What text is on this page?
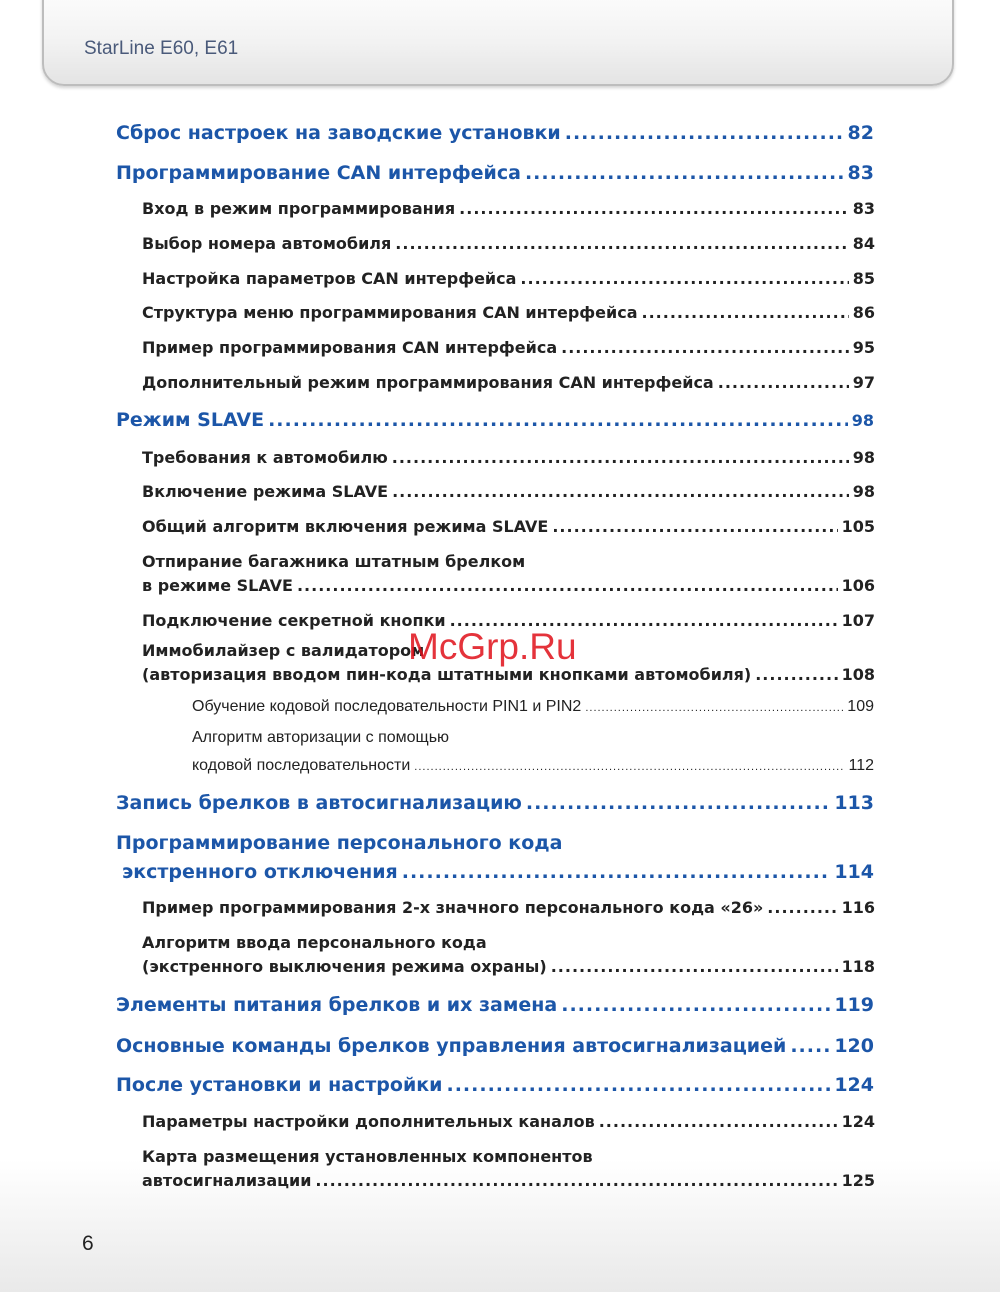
StarLine E60, E61
Сброс настроек на заводские установки .....	82
Программирование CAN интерфейса .....	83
Вход в режим программирования .....	83
Выбор номера автомобиля .....	84
Настройка параметров CAN интерфейса .....	85
Структура меню программирования CAN интерфейса .....	86
Пример программирования CAN интерфейса .....	95
Дополнительный режим программирования CAN интерфейса .....	97
Режим SLAVE .....	98
Требования к автомобилю .....	98
Включение режима SLAVE .....	98
Общий алгоритм включения режима SLAVE .....	105
Отпирание багажника штатным брелком
в режиме SLAVE .....	106
Подключение секретной кнопки .....	107
Иммобилайзер с валидатором
(авторизация вводом пин-кода штатными кнопками автомобиля) .....	108
Обучение кодовой последовательности PIN1 и PIN2 .....	109
Алгоритм авторизации с помощью
кодовой последовательности .....	112
Запись брелков в автосигнализацию .....	113
Программирование персонального кода
экстренного отключения .....	114
Пример программирования 2-х значного персонального кода «26» .....	116
Алгоритм ввода персонального кода
(экстренного выключения режима охраны) .....	118
Элементы питания брелков и их замена .....	119
Основные команды брелков управления автосигнализацией .....	120
После установки и настройки .....	124
Параметры настройки дополнительных каналов .....	124
Карта размещения установленных компонентов
автосигнализации .....	125
McGrp.Ru
6
